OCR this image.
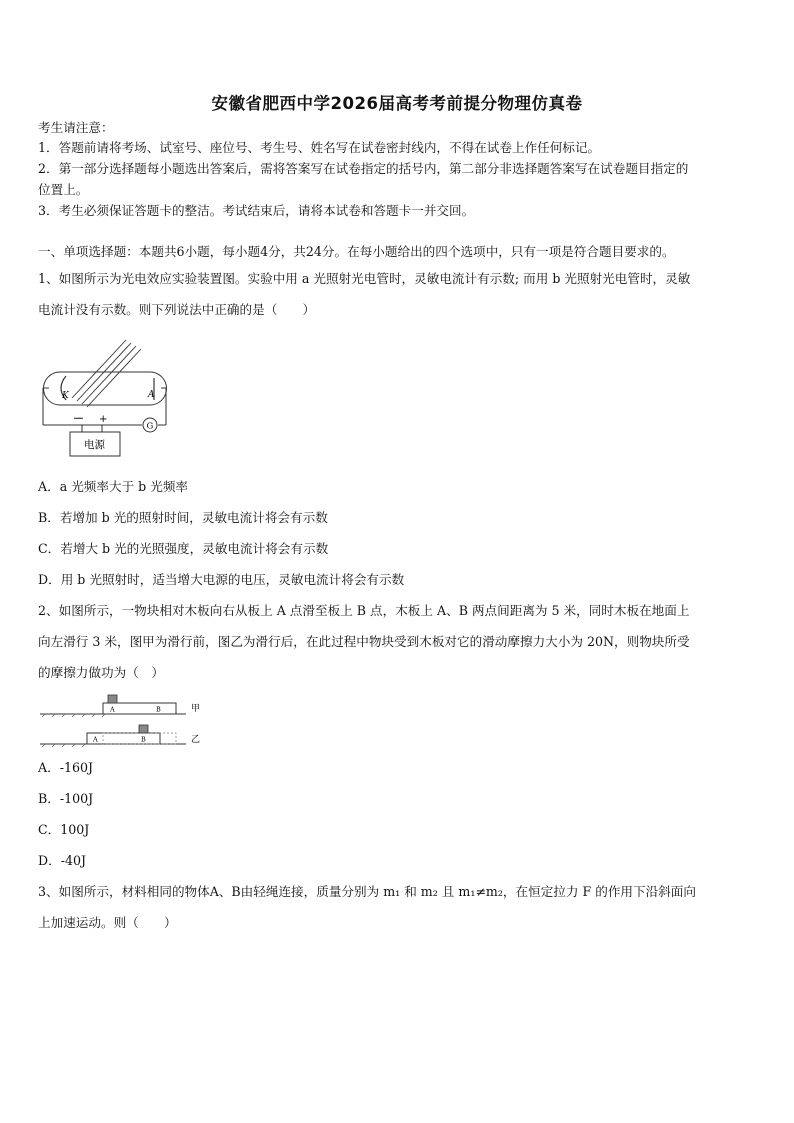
安徽省肥西中学2026届高考考前提分物理仿真卷
考生请注意：
1．答题前请将考场、试室号、座位号、考生号、姓名写在试卷密封线内，不得在试卷上作任何标记。
2．第一部分选择题每小题选出答案后，需将答案写在试卷指定的括号内，第二部分非选择题答案写在试卷题目指定的
位置上。
3．考生必须保证答题卡的整洁。考试结束后，请将本试卷和答题卡一并交回。
一、单项选择题：本题共6小题，每小题4分，共24分。在每小题给出的四个选项中，只有一项是符合题目要求的。
1、如图所示为光电效应实验装置图。实验中用 a 光照射光电管时，灵敏电流计有示数; 而用 b 光照射光电管时，灵敏
电流计没有示数。则下列说法中正确的是（　　）
K	A
－ +
G
电源
A．a 光频率大于 b 光频率
B．若增加 b 光的照射时间，灵敏电流计将会有示数
C．若增大 b 光的光照强度，灵敏电流计将会有示数
D．用 b 光照射时，适当增大电源的电压，灵敏电流计将会有示数
2、如图所示，一物块相对木板向右从板上 A 点滑至板上 B 点，木板上 A、B 两点间距离为 5 米，同时木板在地面上
向左滑行 3 米，图甲为滑行前，图乙为滑行后，在此过程中物块受到木板对它的滑动摩擦力大小为 20N，则物块所受
的摩擦力做功为（　）
A	B	甲
A	B	乙
A．-160J
B．-100J
C．100J
D．-40J
3、如图所示，材料相同的物体A、B由轻绳连接，质量分别为 m₁ 和 m₂ 且 m₁≠m₂，在恒定拉力 F 的作用下沿斜面向
上加速运动。则（　　）
